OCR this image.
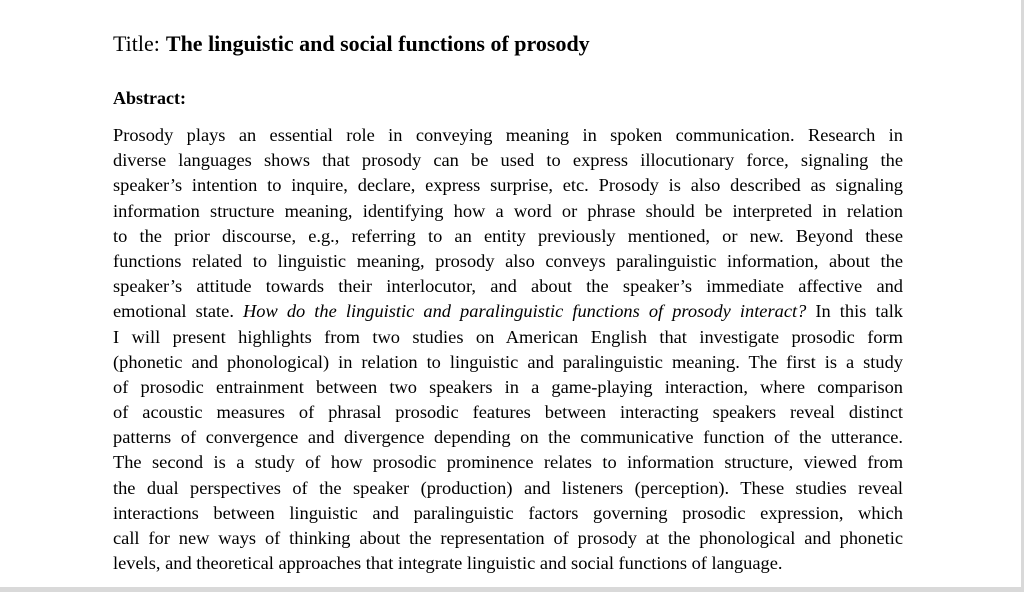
Title: The linguistic and social functions of prosody
Abstract:
Prosody plays an essential role in conveying meaning in spoken communication. Research in
diverse languages shows that prosody can be used to express illocutionary force, signaling the
speaker’s intention to inquire, declare, express surprise, etc. Prosody is also described as signaling
information structure meaning, identifying how a word or phrase should be interpreted in relation
to the prior discourse, e.g., referring to an entity previously mentioned, or new. Beyond these
functions related to linguistic meaning, prosody also conveys paralinguistic information, about the
speaker’s attitude towards their interlocutor, and about the speaker’s immediate affective and
emotional state. How do the linguistic and paralinguistic functions of prosody interact? In this talk
I will present highlights from two studies on American English that investigate prosodic form
(phonetic and phonological) in relation to linguistic and paralinguistic meaning. The first is a study
of prosodic entrainment between two speakers in a game-playing interaction, where comparison
of acoustic measures of phrasal prosodic features between interacting speakers reveal distinct
patterns of convergence and divergence depending on the communicative function of the utterance.
The second is a study of how prosodic prominence relates to information structure, viewed from
the dual perspectives of the speaker (production) and listeners (perception). These studies reveal
interactions between linguistic and paralinguistic factors governing prosodic expression, which
call for new ways of thinking about the representation of prosody at the phonological and phonetic
levels, and theoretical approaches that integrate linguistic and social functions of language.
